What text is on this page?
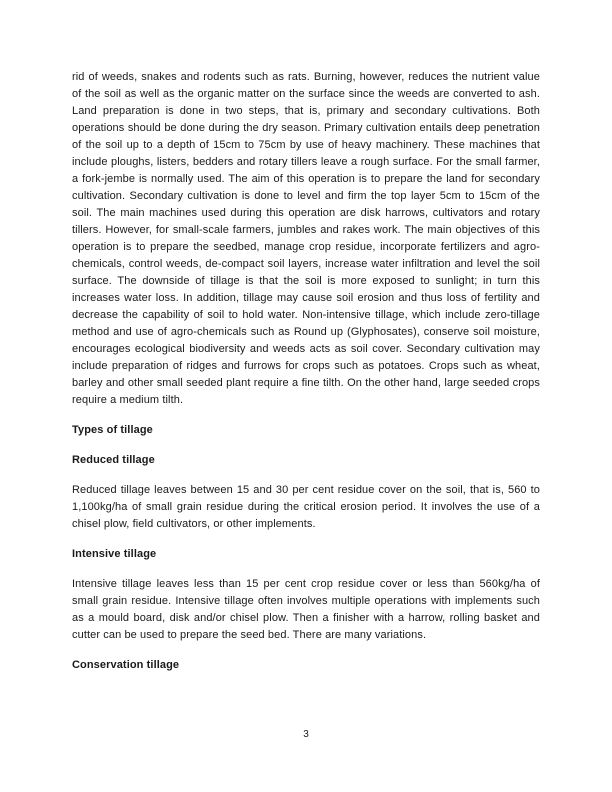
rid of weeds, snakes and rodents such as rats. Burning, however, reduces the nutrient value of the soil as well as the organic matter on the surface since the weeds are converted to ash. Land preparation is done in two steps, that is, primary and secondary cultivations. Both operations should be done during the dry season. Primary cultivation entails deep penetration of the soil up to a depth of 15cm to 75cm by use of heavy machinery. These machines that include ploughs, listers, bedders and rotary tillers leave a rough surface. For the small farmer, a fork-jembe is normally used. The aim of this operation is to prepare the land for secondary cultivation. Secondary cultivation is done to level and firm the top layer 5cm to 15cm of the soil. The main machines used during this operation are disk harrows, cultivators and rotary tillers. However, for small-scale farmers, jumbles and rakes work. The main objectives of this operation is to prepare the seedbed, manage crop residue, incorporate fertilizers and agro-chemicals, control weeds, de-compact soil layers, increase water infiltration and level the soil surface. The downside of tillage is that the soil is more exposed to sunlight; in turn this increases water loss. In addition, tillage may cause soil erosion and thus loss of fertility and decrease the capability of soil to hold water. Non-intensive tillage, which include zero-tillage method and use of agro-chemicals such as Round up (Glyphosates), conserve soil moisture, encourages ecological biodiversity and weeds acts as soil cover. Secondary cultivation may include preparation of ridges and furrows for crops such as potatoes. Crops such as wheat, barley and other small seeded plant require a fine tilth. On the other hand, large seeded crops require a medium tilth.

Types of tillage
Reduced tillage

Reduced tillage leaves between 15 and 30 per cent residue cover on the soil, that is, 560 to 1,100kg/ha of small grain residue during the critical erosion period. It involves the use of a chisel plow, field cultivators, or other implements.

Intensive tillage

Intensive tillage leaves less than 15 per cent crop residue cover or less than 560kg/ha of small grain residue. Intensive tillage often involves multiple operations with implements such as a mould board, disk and/or chisel plow. Then a finisher with a harrow, rolling basket and cutter can be used to prepare the seed bed. There are many variations.

Conservation tillage
3
